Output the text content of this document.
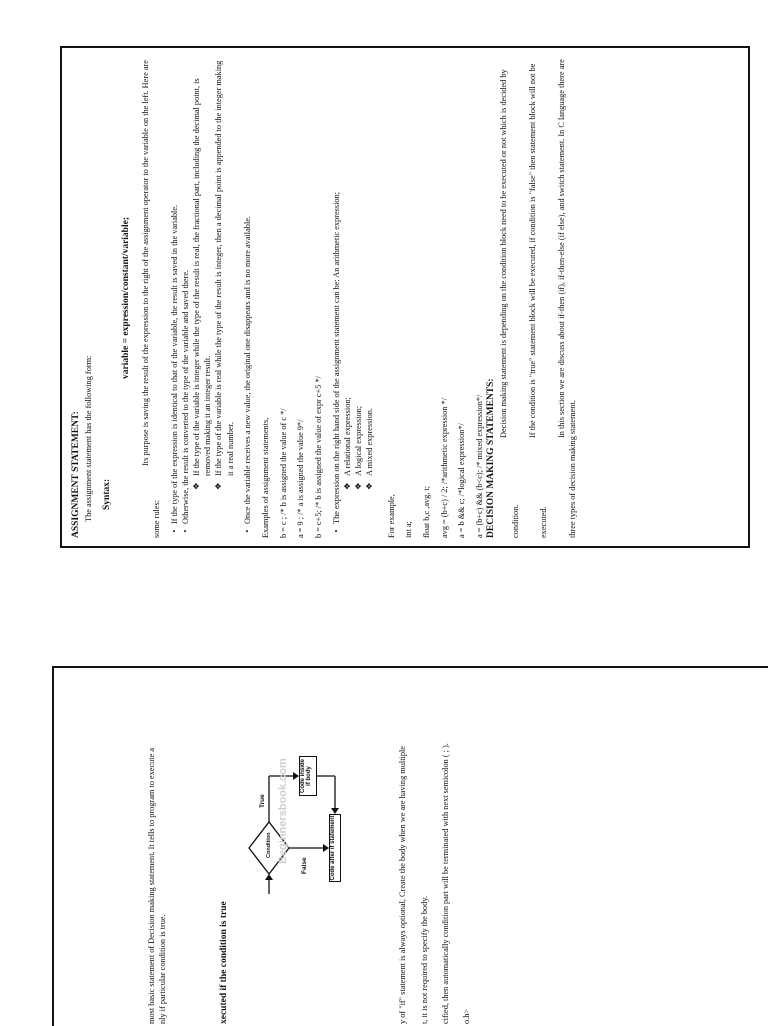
ASSIGNMENT STATEMENT: The assignment statement has the following form: Syntax:
variable = expression/constant/variable; Its purpose is saving the result of the expression to the right of the assignment operator to the variable on the left. Here are some rules: •
If the type of the expression is identical to that of the variable, the result is saved in the variable.
•
Otherwise, the result is converted to the type of the variable and saved there. ❖
If the type of the variable is integer while the type of the result is real, the fractional part, including the decimal point, is removed making it an integer result.
❖
If the type of the variable is real while the type of the result is integer, then a decimal point is appended to the integer making it a real number.
•
Once the variable receives a new value, the original one disappears and is no more available. Examples of assignment statements, b = c ; /* b is assigned the value of c */ a = 9 ; /* a is assigned the value 9*/ b = c+5; /* b is assigned the value of expr c+5 */ •
The expression on the right hand side of the assignment statement can be: An arithmetic expression; ❖
A relational expression;
❖
A logical expression;
❖
A mixed expression.
For example, int a; float b,c ,avg, t; avg = (b+c) / 2; /*arithmetic expression */ a = b && c; /*logical expression*/ a = (b+c) && (b<c); /* mixed expression*/ DECISION MAKING STATEMENTS:
Decision making statement is depending on the condition block need to be executed or not which is decided by condition.
If the condition is "true" statement block will be executed, if condition is "false" then statement block will not be executed.
In this section we are discuss about if-then (if), if-then-else (if else), and switch statement. In C language there are three types of decision making statement.
most basic statement of Decision making statement. It tells to program to execute a nly if particular condition is true.	xecuted if the condition is true
Condition
True
False
Code inside if body
Code after if statement
Beginnersbook.com	y of "if" statement is always optional, Create the body when we are having multiple t, it is not required to specify the body. cified, then automatically condition part will be terminated with next semicolon ( ; ). o.h>
